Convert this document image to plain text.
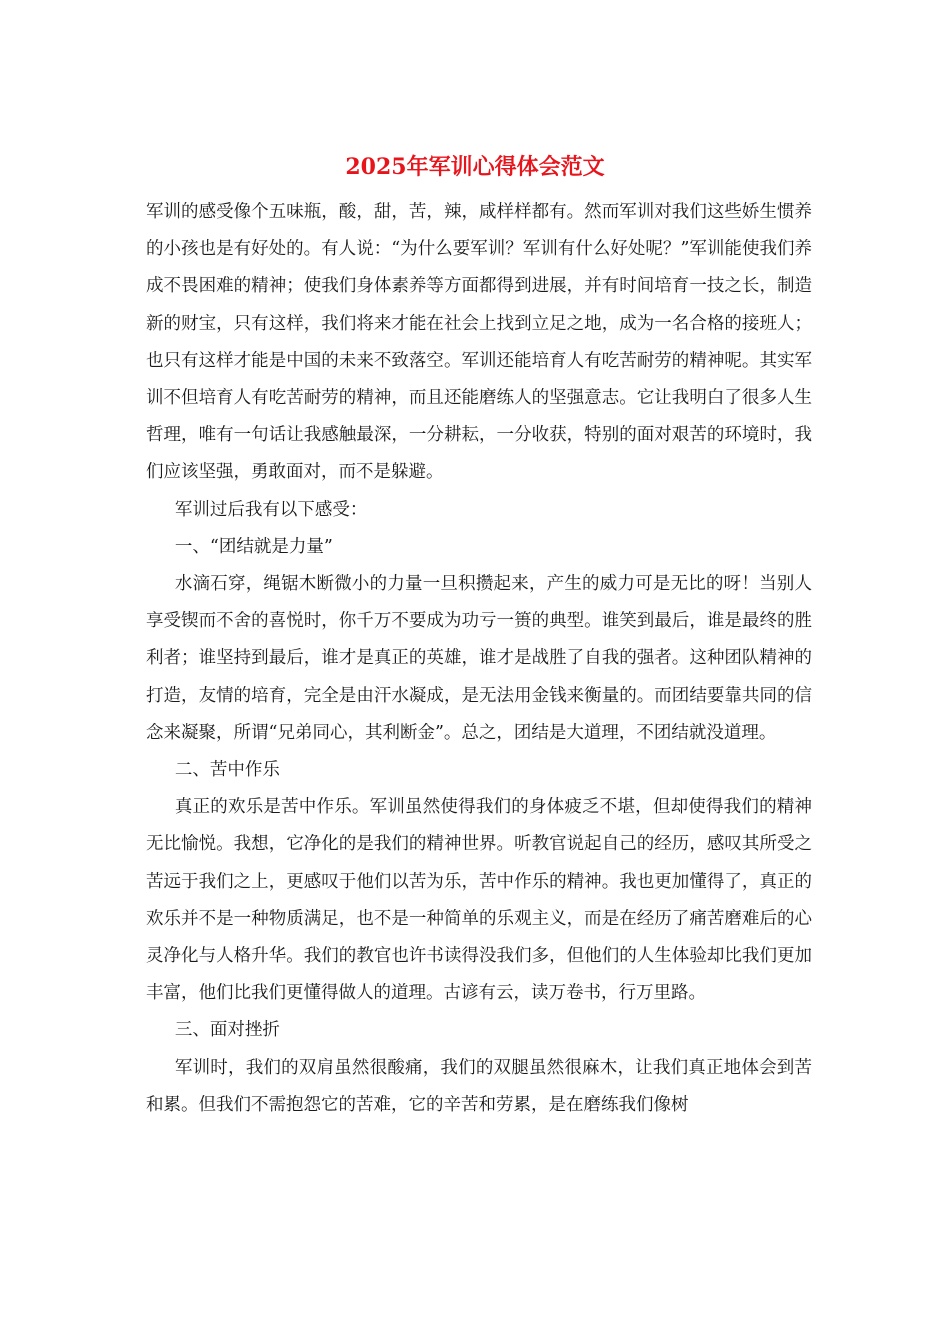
2025年军训心得体会范文

军训的感受像个五味瓶，酸，甜，苦，辣，咸样样都有。然而军训对我们这些娇生惯养的小孩也是有好处的。有人说：“为什么要军训？军训有什么好处呢？”军训能使我们养成不畏困难的精神；使我们身体素养等方面都得到进展，并有时间培育一技之长，制造新的财宝，只有这样，我们将来才能在社会上找到立足之地，成为一名合格的接班人；也只有这样才能是中国的未来不致落空。军训还能培育人有吃苦耐劳的精神呢。其实军训不但培育人有吃苦耐劳的精神，而且还能磨练人的坚强意志。它让我明白了很多人生哲理，唯有一句话让我感触最深，一分耕耘，一分收获，特别的面对艰苦的环境时，我们应该坚强，勇敢面对，而不是躲避。

军训过后我有以下感受：

一、“团结就是力量”

水滴石穿，绳锯木断微小的力量一旦积攒起来，产生的威力可是无比的呀！当别人享受锲而不舍的喜悦时，你千万不要成为功亏一篑的典型。谁笑到最后，谁是最终的胜利者；谁坚持到最后，谁才是真正的英雄，谁才是战胜了自我的强者。这种团队精神的打造，友情的培育，完全是由汗水凝成，是无法用金钱来衡量的。而团结要靠共同的信念来凝聚，所谓“兄弟同心，其利断金”。总之，团结是大道理，不团结就没道理。

二、苦中作乐

真正的欢乐是苦中作乐。军训虽然使得我们的身体疲乏不堪，但却使得我们的精神无比愉悦。我想，它净化的是我们的精神世界。听教官说起自己的经历，感叹其所受之苦远于我们之上，更感叹于他们以苦为乐，苦中作乐的精神。我也更加懂得了，真正的欢乐并不是一种物质满足，也不是一种简单的乐观主义，而是在经历了痛苦磨难后的心灵净化与人格升华。我们的教官也许书读得没我们多，但他们的人生体验却比我们更加丰富，他们比我们更懂得做人的道理。古谚有云，读万卷书，行万里路。

三、面对挫折

军训时，我们的双肩虽然很酸痛，我们的双腿虽然很麻木，让我们真正地体会到苦和累。但我们不需抱怨它的苦难，它的辛苦和劳累，是在磨练我们像树
